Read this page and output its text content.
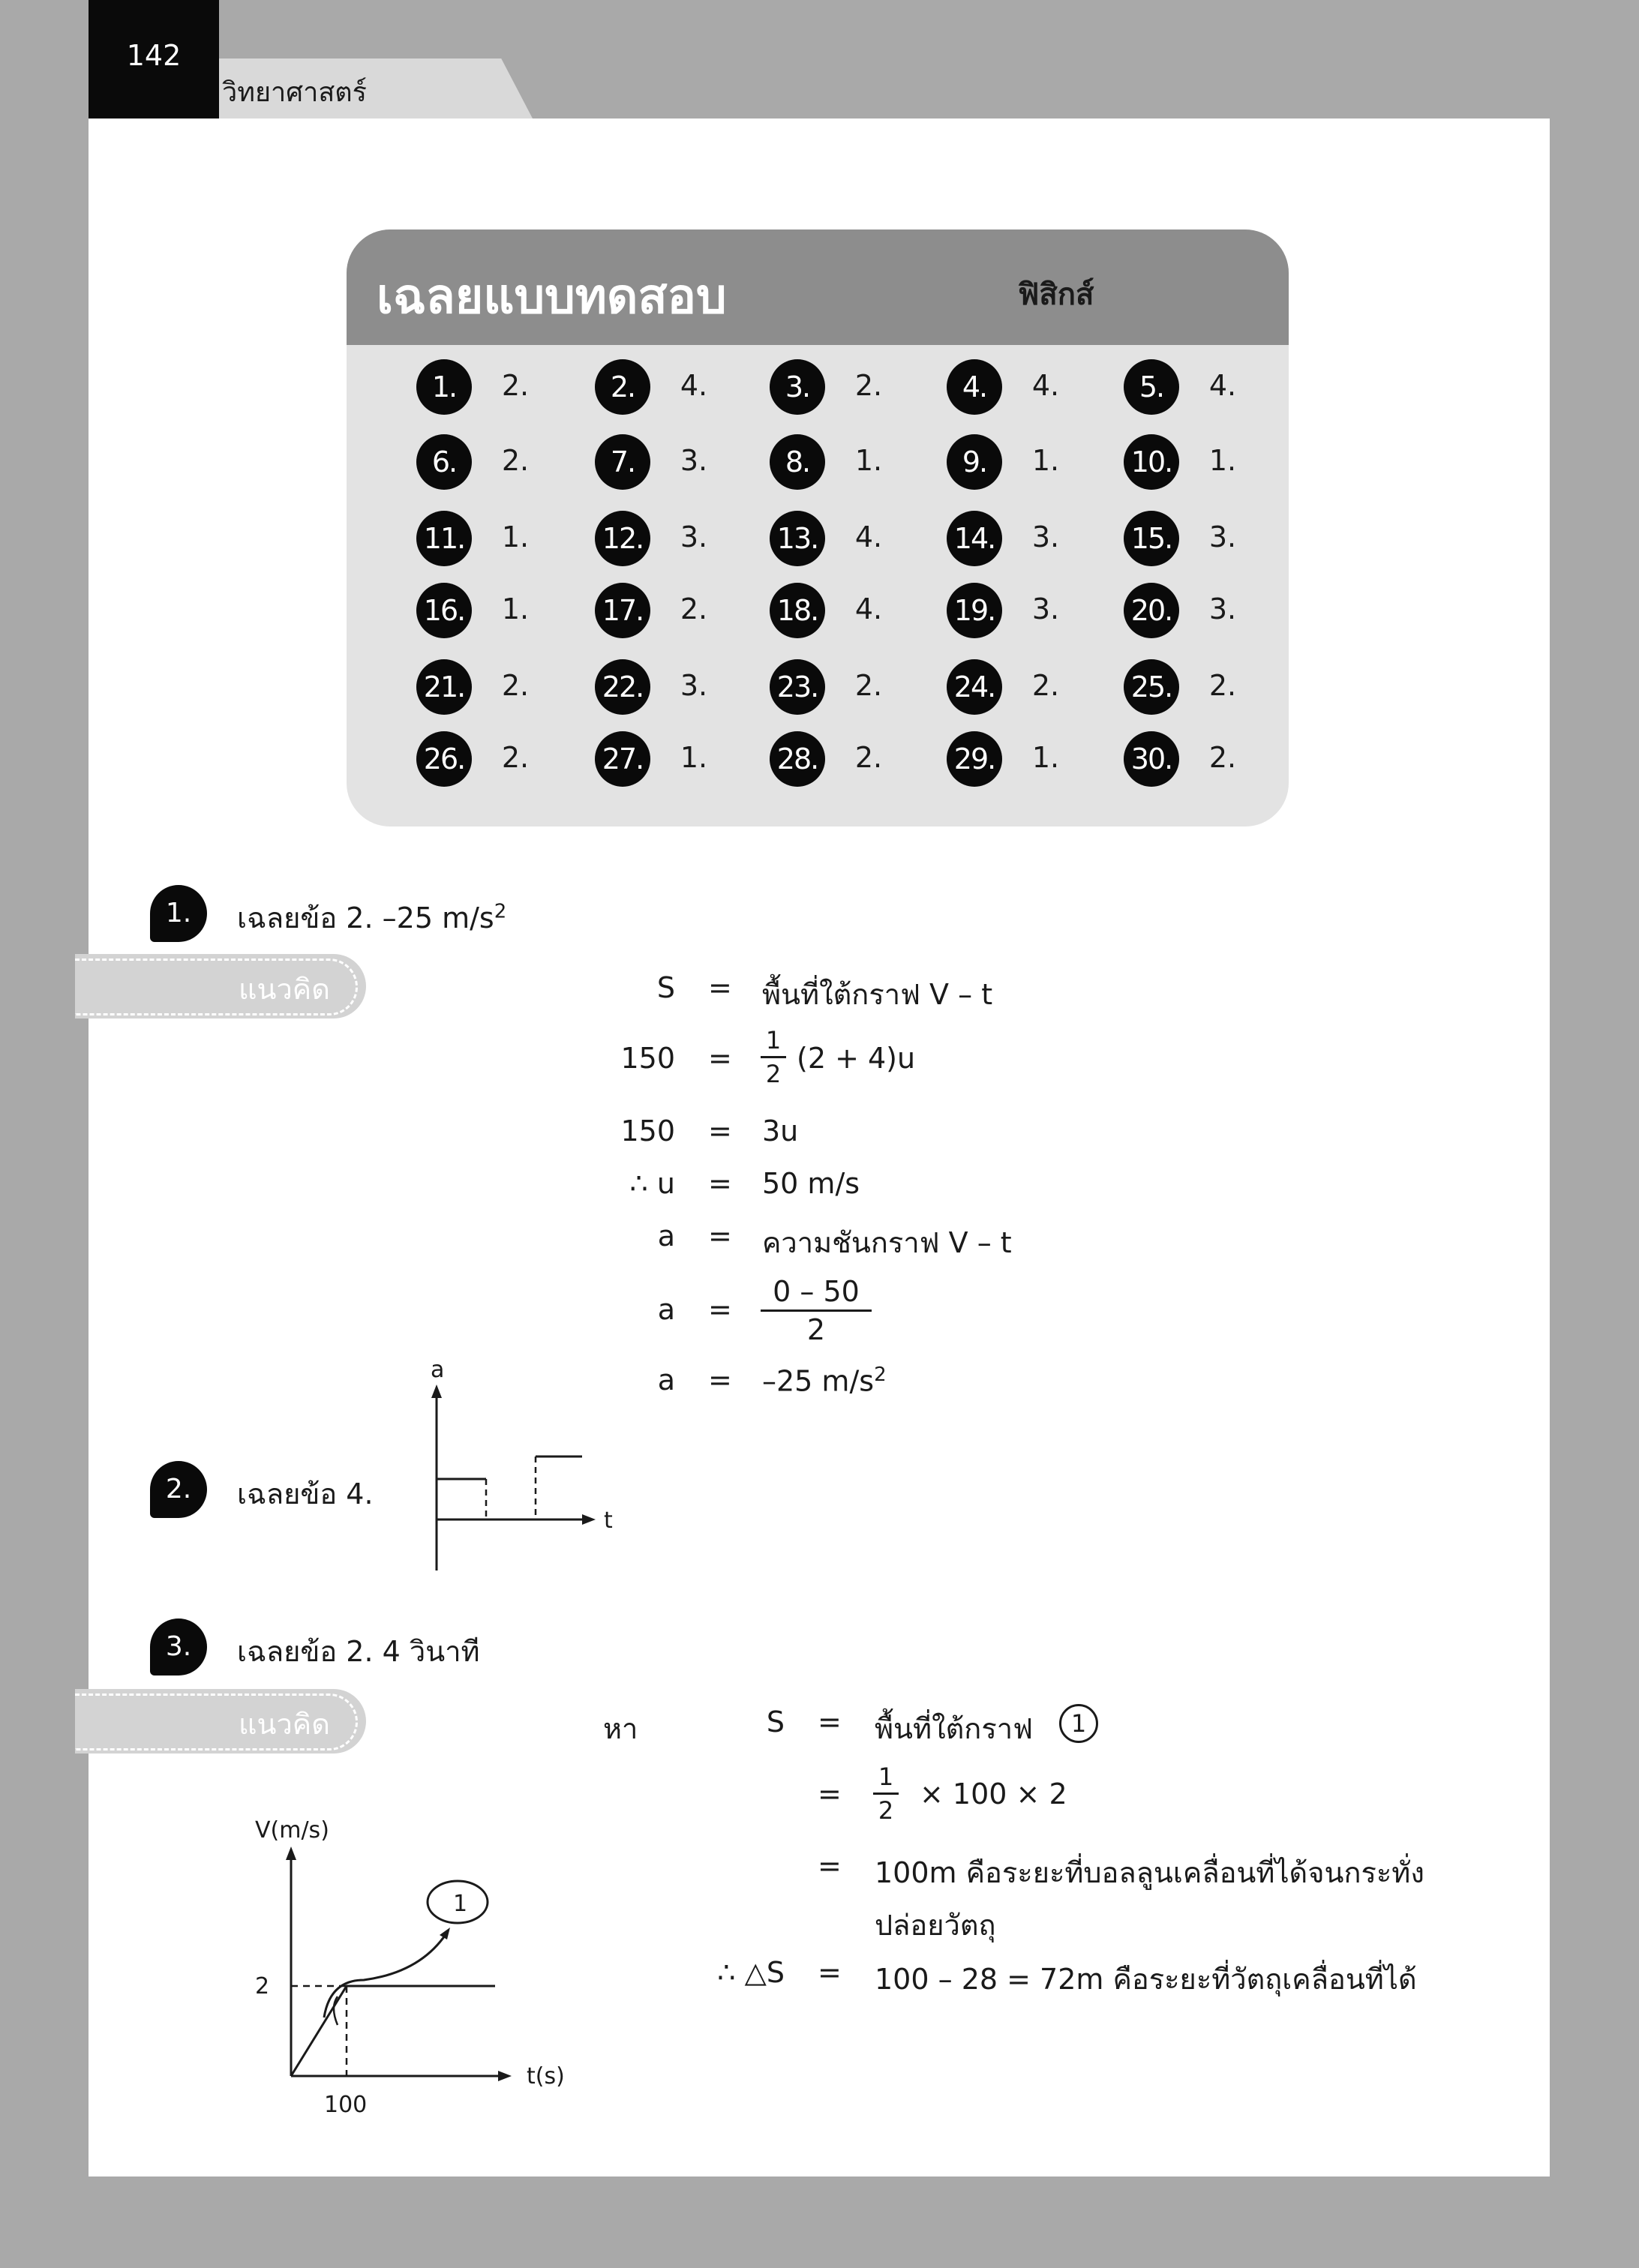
142
วิทยาศาสตร์
เฉลยแบบทดสอบ	ฟิสิกส์
1.	2.	2.	4.	3.	2.	4.	4.	5.	4.
6.	2.	7.	3.	8.	1.	9.	1.	10.	1.
11.	1.	12.	3.	13.	4.	14.	3.	15.	3.
16.	1.	17.	2.	18.	4.	19.	3.	20.	3.
21.	2.	22.	3.	23.	2.	24.	2.	25.	2.
26.	2.	27.	1.	28.	2.	29.	1.	30.	2.
1.	เฉลยข้อ 2. –25 $m/s^2$
แนวคิด	S = พื้นที่ใต้กราฟ V – t
150 =
1
2 (2 + 4)u
150 = 3u
∴ u = 50 m/s
a = ความชันกราฟ V – t
a =
0 – 50
2
a = –25 $m/s^2$
2.	เฉลยข้อ 4.
a
t
3.	เฉลยข้อ 2. 4 วินาที
แนวคิด	หา	S = พื้นที่ใต้กราฟ	1
=
1
2 × 100 × 2
= 100m คือระยะที่บอลลูนเคลื่อนที่ได้จนกระทั่ง
ปล่อยวัตถุ
∴ △S = 100 – 28 = 72m คือระยะที่วัตถุเคลื่อนที่ได้
1
V(m/s)
t(s)
2
100
